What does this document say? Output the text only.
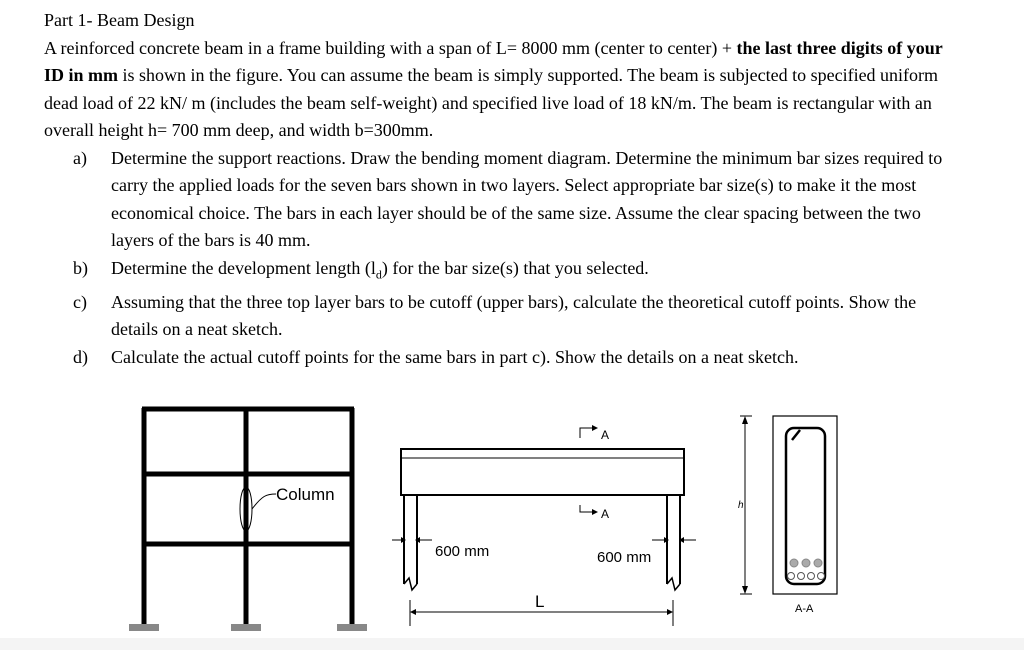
Part 1- Beam Design

A reinforced concrete beam in a frame building with a span of L= 8000 mm (center to center) + the last three digits of your ID in mm is shown in the figure. You can assume the beam is simply supported. The beam is subjected to specified uniform dead load of 22 kN/ m (includes the beam self-weight) and specified live load of 18 kN/m. The beam is rectangular with an overall height h= 700 mm deep, and width b=300mm.

a)	Determine the support reactions. Draw the bending moment diagram. Determine the minimum bar sizes required to carry the applied loads for the seven bars shown in two layers. Select appropriate bar size(s) to make it the most economical choice. The bars in each layer should be of the same size. Assume the clear spacing between the two layers of the bars is 40 mm.
b)	Determine the development length $(l_d)$ for the bar size(s) that you selected.
c)	Assuming that the three top layer bars to be cutoff (upper bars), calculate the theoretical cutoff points. Show the details on a neat sketch.
d)	Calculate the actual cutoff points for the same bars in part c). Show the details on a neat sketch.
Column
A
A
600 mm	600 mm
L
h
A-A
